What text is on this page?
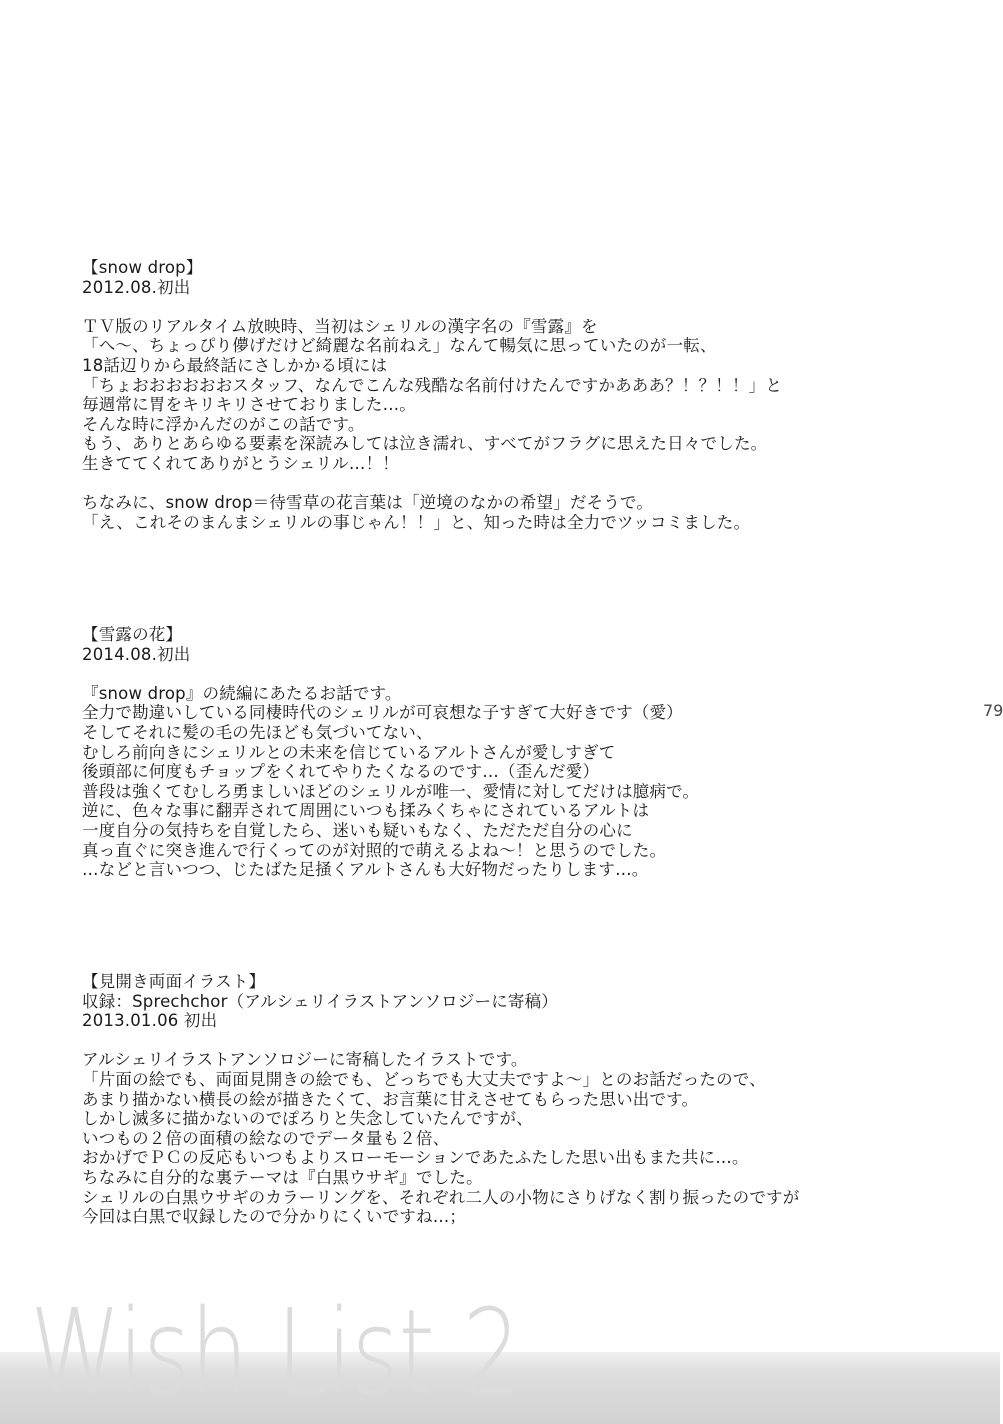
【snow drop】
2012.08.初出
ＴＶ版のリアルタイム放映時、当初はシェリルの漢字名の『雪露』を
「へ～、ちょっぴり儚げだけど綺麗な名前ねえ」なんて暢気に思っていたのが一転、
18話辺りから最終話にさしかかる頃には
「ちょおおおおおおスタッフ、なんでこんな残酷な名前付けたんですかあああ？！？！！」と
毎週常に胃をキリキリさせておりました…。
そんな時に浮かんだのがこの話です。
もう、ありとあらゆる要素を深読みしては泣き濡れ、すべてがフラグに思えた日々でした。
生きててくれてありがとうシェリル…！！
ちなみに、snow drop＝待雪草の花言葉は「逆境のなかの希望」だそうで。
「え、これそのまんまシェリルの事じゃん！！」と、知った時は全力でツッコミました。
【雪露の花】
2014.08.初出
『snow drop』の続編にあたるお話です。
全力で勘違いしている同棲時代のシェリルが可哀想な子すぎて大好きです（愛）
そしてそれに髪の毛の先ほども気づいてない、
むしろ前向きにシェリルとの未来を信じているアルトさんが愛しすぎて
後頭部に何度もチョップをくれてやりたくなるのです…（歪んだ愛）
普段は強くてむしろ勇ましいほどのシェリルが唯一、愛情に対してだけは臆病で。
逆に、色々な事に翻弄されて周囲にいつも揉みくちゃにされているアルトは
一度自分の気持ちを自覚したら、迷いも疑いもなく、ただただ自分の心に
真っ直ぐに突き進んで行くってのが対照的で萌えるよね～！と思うのでした。
…などと言いつつ、じたばた足掻くアルトさんも大好物だったりします…。
【見開き両面イラスト】
収録：Sprechchor（アルシェリイラストアンソロジーに寄稿）
2013.01.06 初出
アルシェリイラストアンソロジーに寄稿したイラストです。
「片面の絵でも、両面見開きの絵でも、どっちでも大丈夫ですよ～」とのお話だったので、
あまり描かない横長の絵が描きたくて、お言葉に甘えさせてもらった思い出です。
しかし滅多に描かないのでぽろりと失念していたんですが、
いつもの２倍の面積の絵なのでデータ量も２倍、
おかげでＰＣの反応もいつもよりスローモーションであたふたした思い出もまた共に…。
ちなみに自分的な裏テーマは『白黒ウサギ』でした。
シェリルの白黒ウサギのカラーリングを、それぞれ二人の小物にさりげなく割り振ったのですが
今回は白黒で収録したので分かりにくいですね…；
79
Wish List 2
